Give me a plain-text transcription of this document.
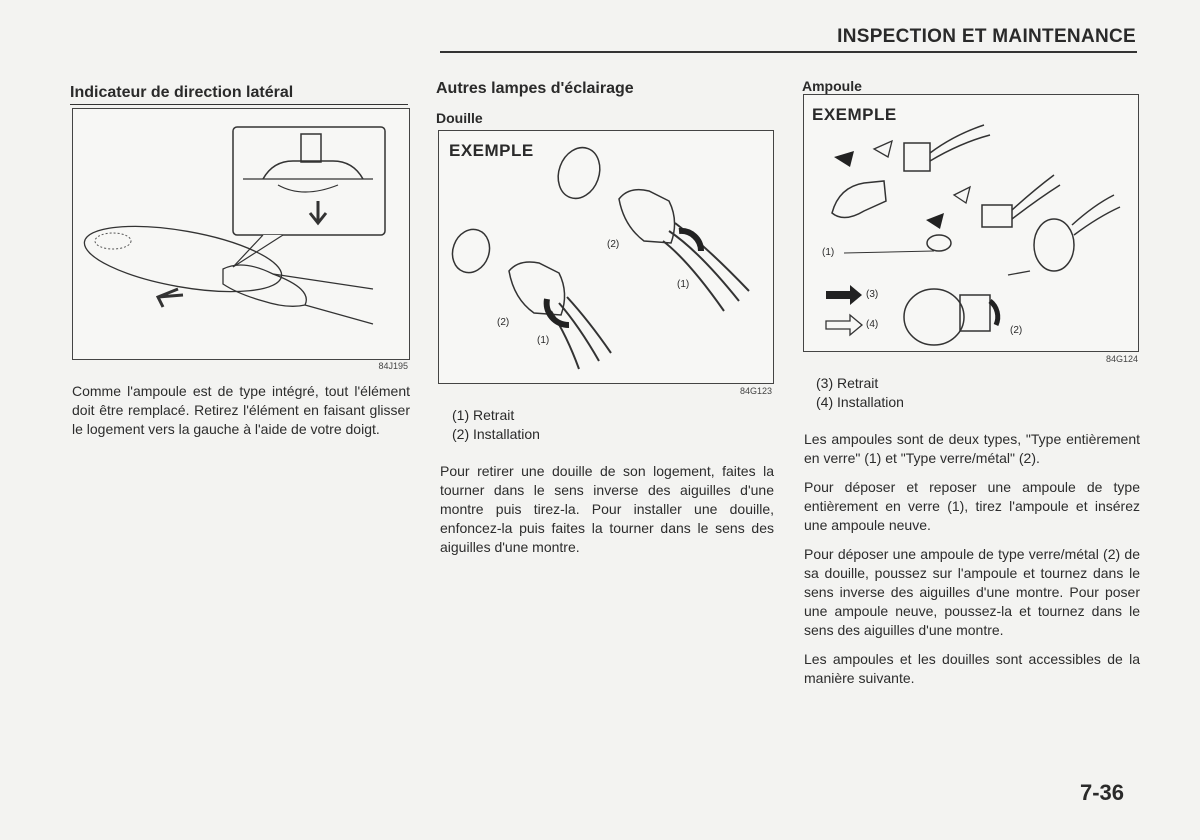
INSPECTION ET MAINTENANCE
Indicateur de direction latéral
84J195
Comme l'ampoule est de type intégré, tout l'élément doit être remplacé. Retirez l'élément en faisant glisser le logement vers la gauche à l'aide de votre doigt.
Autres lampes d'éclairage
Douille
EXEMPLE
(2)
(1)
(2)
(1)
84G123
(1) Retrait
(2) Installation
Pour retirer une douille de son logement, faites la tourner dans le sens inverse des aiguilles d'une montre puis tirez-la. Pour installer une douille, enfoncez-la puis faites la tourner dans le sens des aiguilles d'une montre.
Ampoule
EXEMPLE
(1)
(2)
(3)
(4)
84G124
(3) Retrait
(4) Installation

Les ampoules sont de deux types, "Type entièrement en verre" (1) et "Type verre/métal" (2).

Pour déposer et reposer une ampoule de type entièrement en verre (1), tirez l'ampoule et insérez une ampoule neuve.

Pour déposer une ampoule de type verre/métal (2) de sa douille, poussez sur l'ampoule et tournez dans le sens inverse des aiguilles d'une montre. Pour poser une ampoule neuve, poussez-la et tournez dans le sens des aiguilles d'une montre.

Les ampoules et les douilles sont accessibles de la manière suivante.

7-36
